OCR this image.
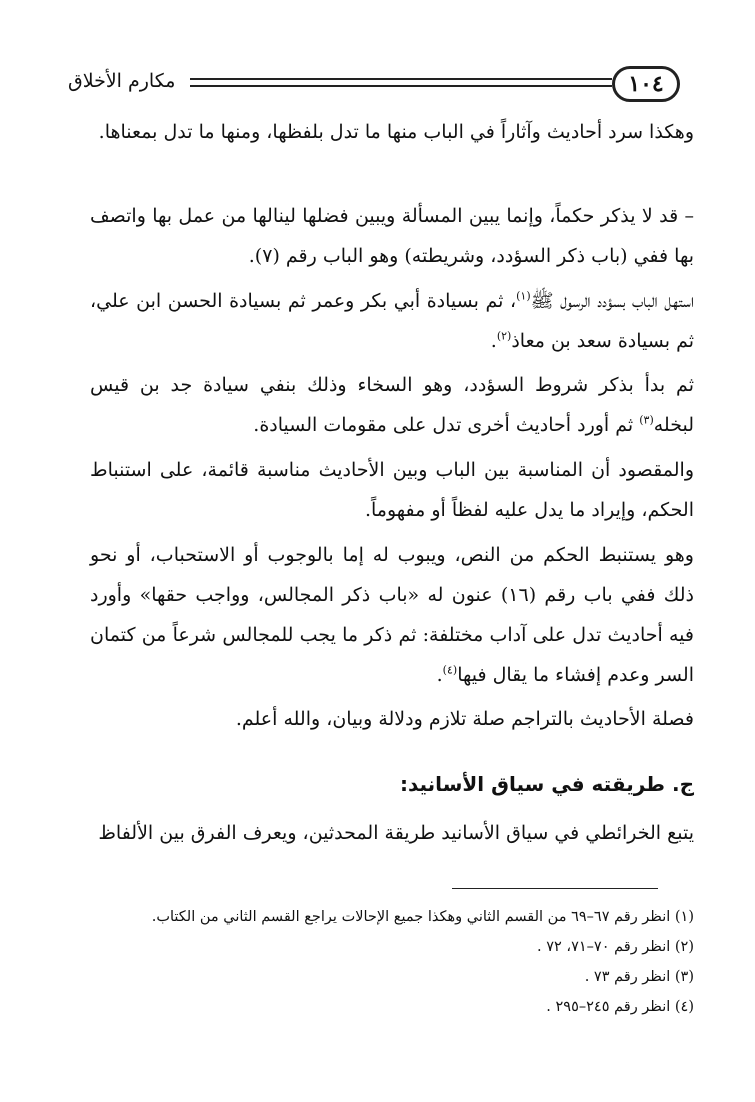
مكارم الأخلاق	١٠٤

وهكذا سرد أحاديث وآثاراً في الباب منها ما تدل بلفظها، ومنها ما تدل بمعناها.

– قد لا يذكر حكماً، وإنما يبين المسألة ويبين فضلها لينالها من عمل بها واتصف بها ففي (باب ذكر السؤدد، وشريطته) وهو الباب رقم (٧).

استهل الباب بسؤدد الرسول ﷺ$^{(١)}$، ثم بسيادة أبي بكر وعمر ثم بسيادة الحسن ابن علي، ثم بسيادة سعد بن معاذ$^{(٢)}$.

ثم بدأ بذكر شروط السؤدد، وهو السخاء وذلك بنفي سيادة جد بن قيس لبخله$^{(٣)}$ ثم أورد أحاديث أخرى تدل على مقومات السيادة.

والمقصود أن المناسبة بين الباب وبين الأحاديث مناسبة قائمة، على استنباط الحكم، وإيراد ما يدل عليه لفظاً أو مفهوماً.

وهو يستنبط الحكم من النص، ويبوب له إما بالوجوب أو الاستحباب، أو نحو ذلك ففي باب رقم (١٦) عنون له «باب ذكر المجالس، وواجب حقها» وأورد فيه أحاديث تدل على آداب مختلفة: ثم ذكر ما يجب للمجالس شرعاً من كتمان السر وعدم إفشاء ما يقال فيها$^{(٤)}$.

فصلة الأحاديث بالتراجم صلة تلازم ودلالة وبيان، والله أعلم.

ج. طريقته في سياق الأسانيد:

يتبع الخرائطي في سياق الأسانيد طريقة المحدثين، ويعرف الفرق بين الألفاظ

(١) انظر رقم ٦٧–٦٩ من القسم الثاني وهكذا جميع الإحالات يراجع القسم الثاني من الكتاب.

(٢) انظر رقم ٧٠–٧١، ٧٢ .

(٣) انظر رقم ٧٣ .

(٤) انظر رقم ٢٤٥–٢٩٥ .
